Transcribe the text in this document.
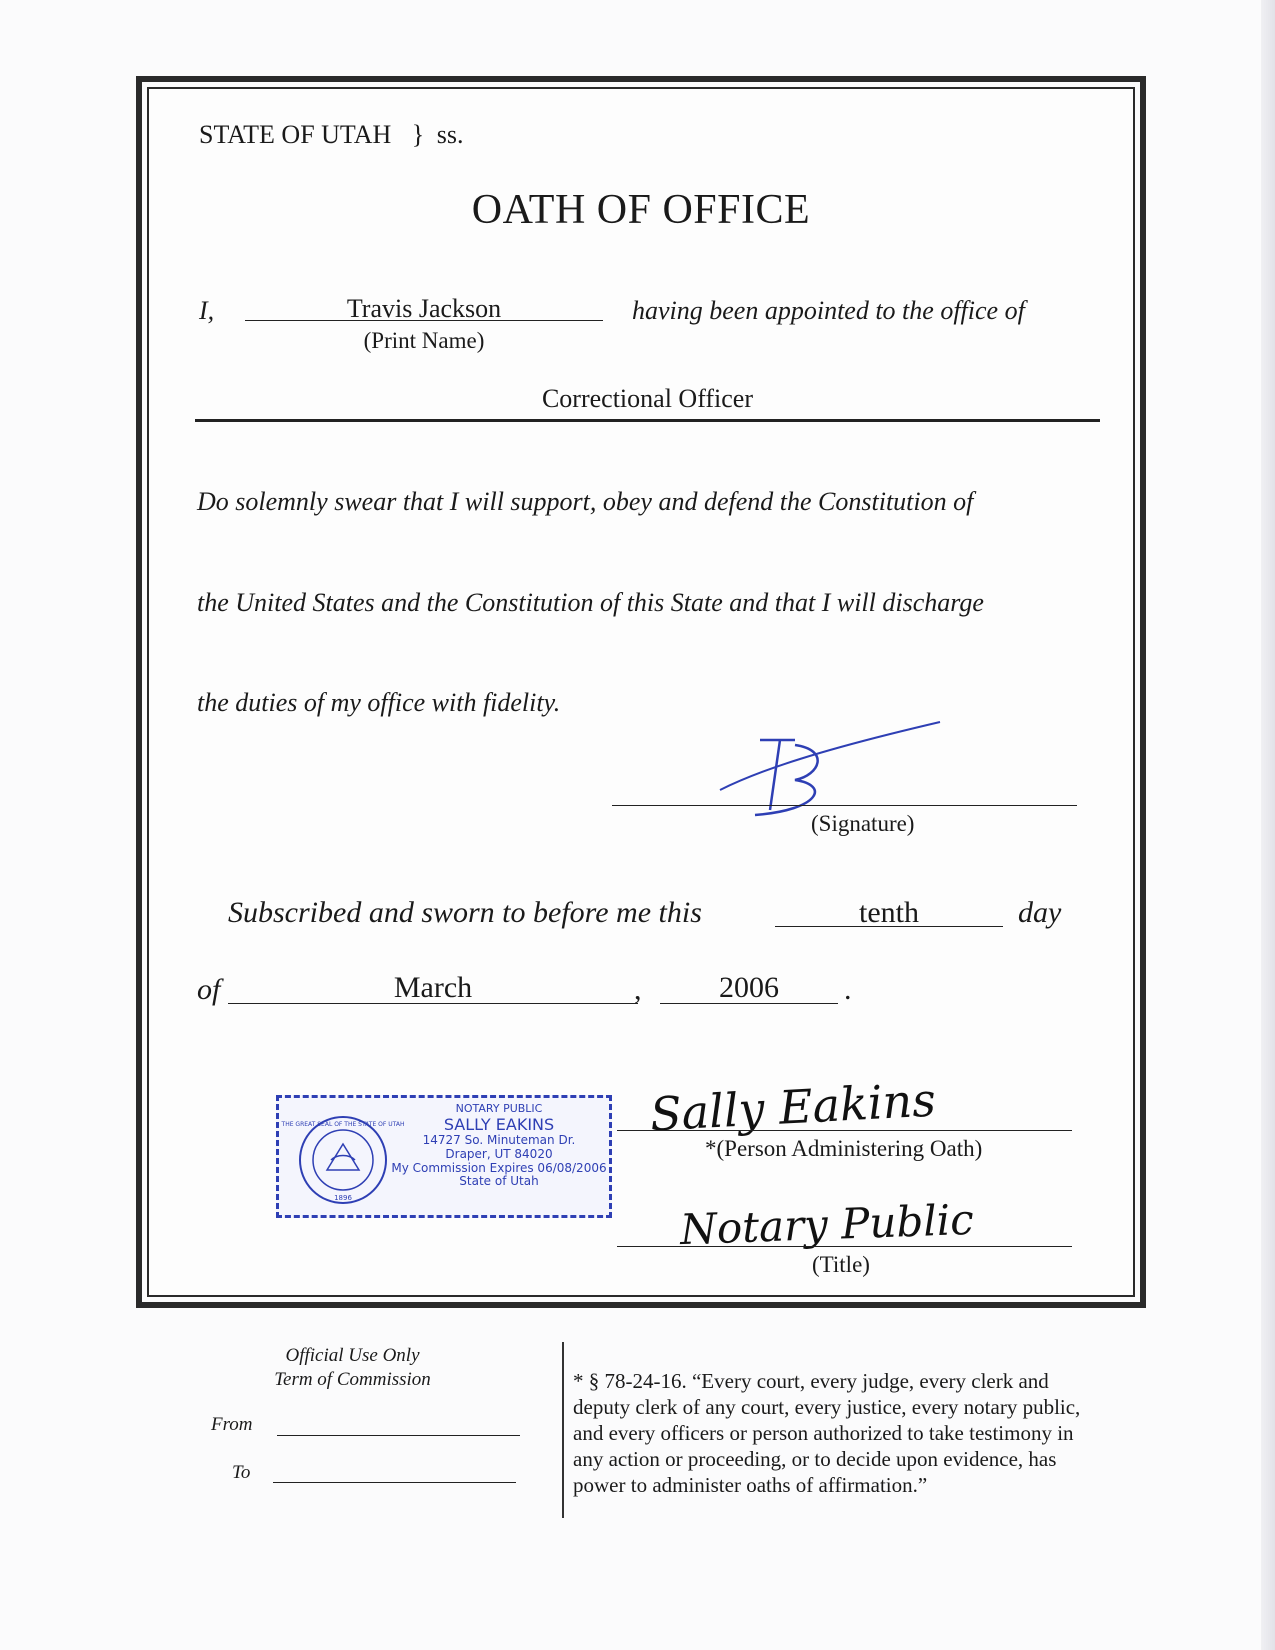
STATE OF UTAH } ss.
OATH OF OFFICE
I,	Travis Jackson
(Print Name)
having been appointed to the office of
Correctional Officer
Do solemnly swear that I will support, obey and defend the Constitution of
the United States and the Constitution of this State and that I will discharge
the duties of my office with fidelity.
(Signature)
Subscribed and sworn to before me this	tenth	day
of	March	,	2006	.
THE GREAT SEAL OF THE STATE OF UTAH
1896
NOTARY PUBLIC
SALLY EAKINS
14727 So. Minuteman Dr.
Draper, UT 84020
My Commission Expires 06/08/2006
State of Utah
Sally Eakins
*(Person Administering Oath)
Notary Public
(Title)
Official Use Only
Term of Commission
From
To
* § 78-24-16. “Every court, every judge, every clerk and
deputy clerk of any court, every justice, every notary public,
and every officers or person authorized to take testimony in
any action or proceeding, or to decide upon evidence, has
power to administer oaths of affirmation.”
